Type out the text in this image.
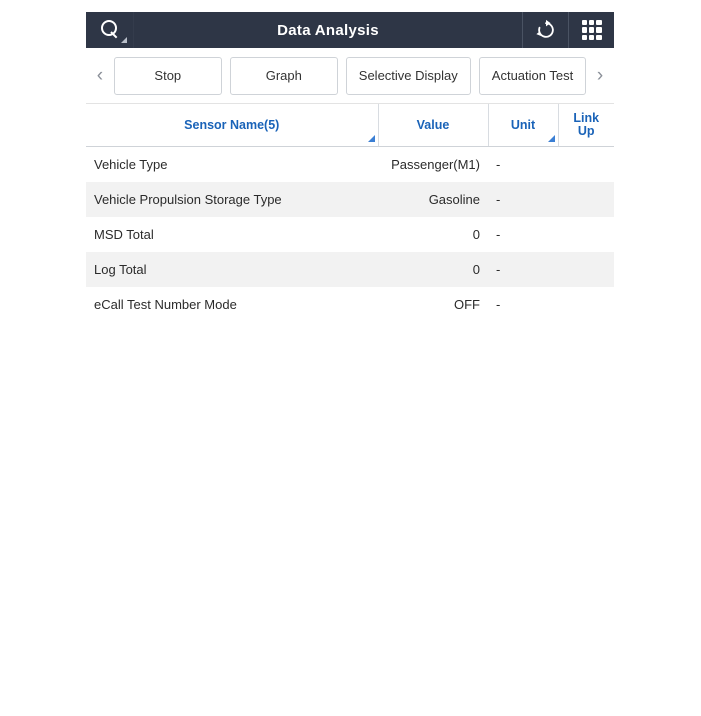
Data Analysis
‹	Stop	Graph	Selective Display	Actuation Test	›
Sensor Name(5)	Value	Unit	Link
Up

Vehicle Type	Passenger(M1)	-	
Vehicle Propulsion Storage Type	Gasoline	-	
MSD Total	0	-	
Log Total	0	-	
eCall Test Number Mode	OFF	-	
